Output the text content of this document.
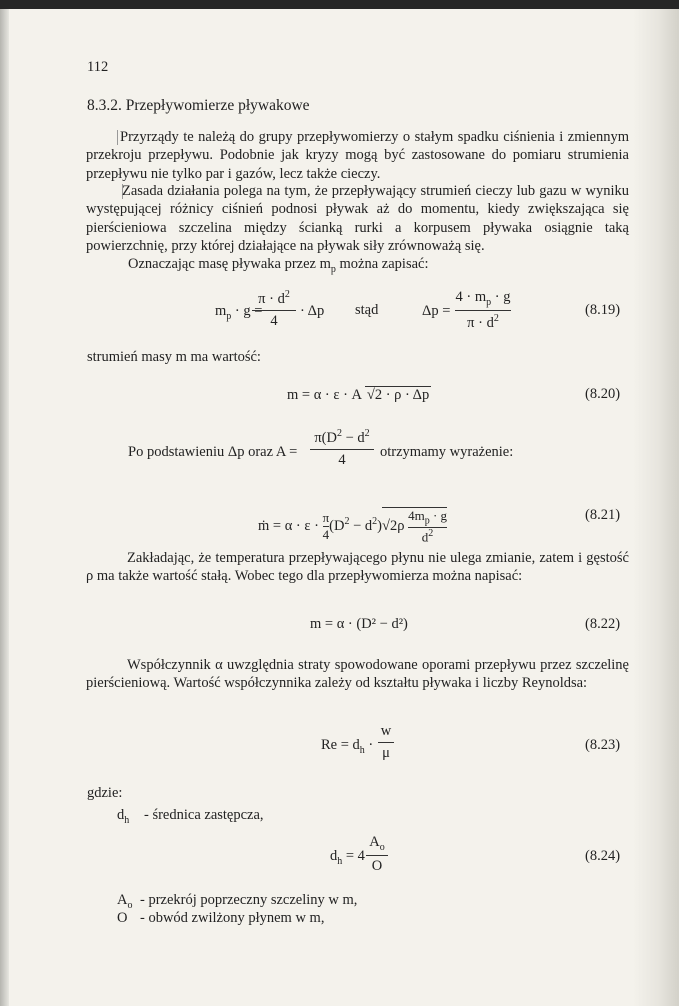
112
8.3.2. Przepływomierze pływakowe
Przyrządy te należą do grupy przepływomierzy o stałym spadku ciśnienia i zmiennym przekroju przepływu. Podobnie jak kryzy mogą być zastosowane do pomiaru strumienia przepływu nie tylko par i gazów, lecz także cieczy.
Zasada działania polega na tym, że przepływający strumień cieczy lub gazu w wyniku występującej różnicy ciśnień podnosi pływak aż do momentu, kiedy zwiększająca się pierścieniowa szczelina między ścianką rurki a korpusem pływaka osiągnie taką powierzchnię, przy której działające na pływak siły zrównoważą się.
Oznaczając masę pływaka przez $m_p$ można zapisać:
$m_p \cdot g$ =
$\pi \cdot d^2$
4
· Δp stąd	Δp =
$4 \cdot m_p \cdot g$
$\pi \cdot d^2$
(8.19)
strumień masy m ma wartość:
m = α · ε · A √2 · ρ · Δp	(8.20)
Po podstawieniu Δp oraz A =
$\pi(D^2 - d^2$
4	otrzymamy wyrażenie:
ṁ = $\alpha \cdot \varepsilon \cdot \frac{\pi}{4} (D^2 - d^2)√2\rho \frac{4m_p \cdot g}{d^2}$	(8.21)
Zakładając, że temperatura przepływającego płynu nie ulega zmianie, zatem i gęstość ρ ma także wartość stałą. Wobec tego dla przepływomierza można napisać:
m = α · (D² − d²)	(8.22)
Współczynnik α uwzględnia straty spowodowane oporami przepływu przez szczelinę pierścieniową. Wartość współczynnika zależy od kształtu pływaka i liczby Reynoldsa:
$Re = d_h$ ·
w
μ	(8.23)
gdzie:
$d_h$ - średnica zastępcza,
$d_h = 4$
$A_o$
O
(8.24)
$A_o$ - przekrój poprzeczny szczeliny w m,
O - obwód zwilżony płynem w m,
